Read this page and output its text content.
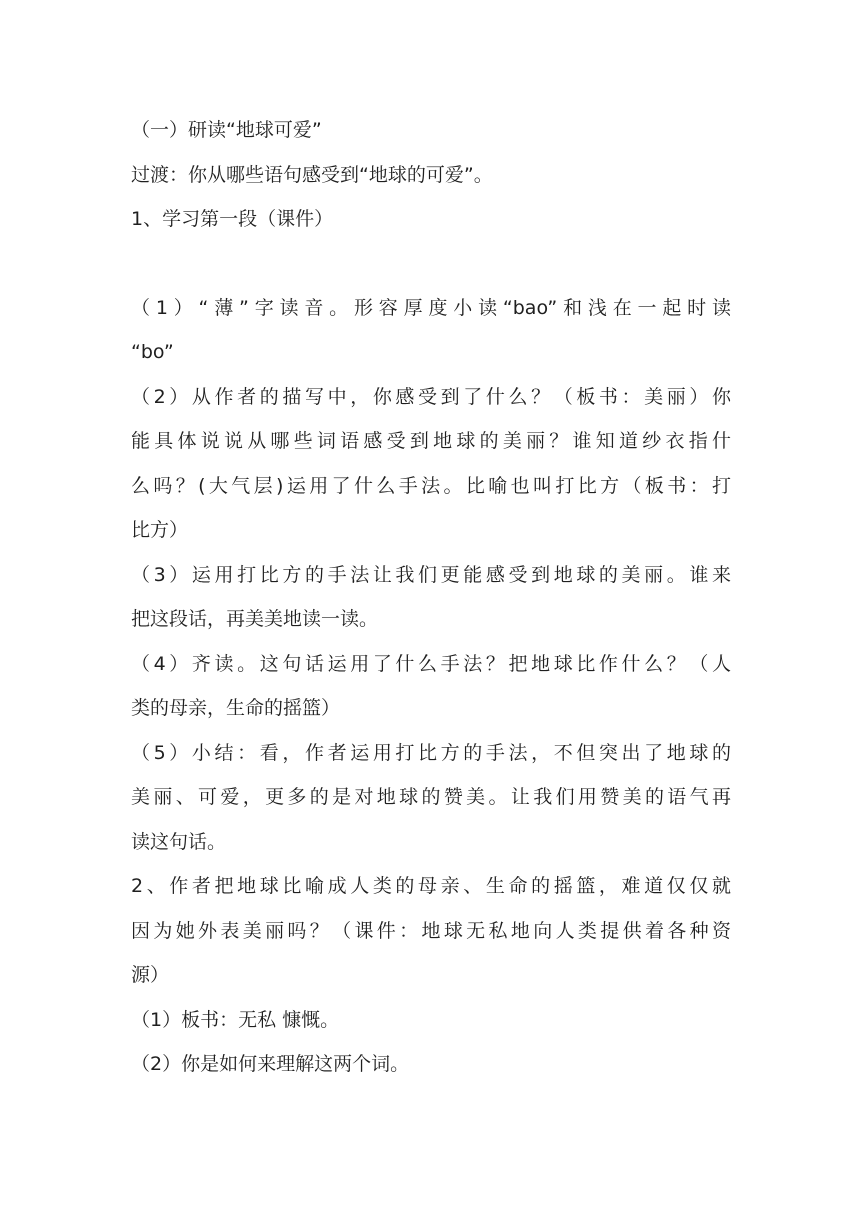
（一）研读“地球可爱”

过渡：你从哪些语句感受到“地球的可爱”。

1、学习第一段（课件）

（1）“薄”字读音。形容厚度小读“bao”和浅在一起时读

“bo”

（2）从作者的描写中，你感受到了什么？（板书：美丽）你

能具体说说从哪些词语感受到地球的美丽？谁知道纱衣指什

么吗？(大气层)运用了什么手法。比喻也叫打比方（板书：打

比方）

（3）运用打比方的手法让我们更能感受到地球的美丽。谁来

把这段话，再美美地读一读。

（4）齐读。这句话运用了什么手法？把地球比作什么？（人

类的母亲，生命的摇篮）

（5）小结：看，作者运用打比方的手法，不但突出了地球的

美丽、可爱，更多的是对地球的赞美。让我们用赞美的语气再

读这句话。

2、作者把地球比喻成人类的母亲、生命的摇篮，难道仅仅就

因为她外表美丽吗？（课件：地球无私地向人类提供着各种资

源）

（1）板书：无私 慷慨。

（2）你是如何来理解这两个词。
